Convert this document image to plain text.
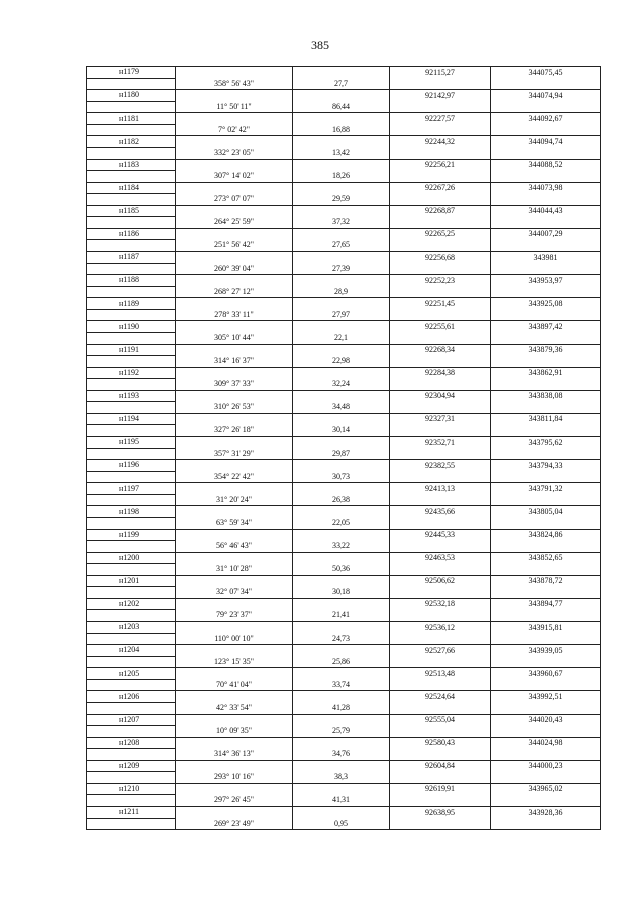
385
н1179			92115,27	344075,45
	358° 56' 43"	27,7		
н1180			92142,97	344074,94
	11° 50' 11"	86,44		
н1181			92227,57	344092,67
	7° 02' 42"	16,88		
н1182			92244,32	344094,74
	332° 23' 05"	13,42		
н1183			92256,21	344088,52
	307° 14' 02"	18,26		
н1184			92267,26	344073,98
	273° 07' 07"	29,59		
н1185			92268,87	344044,43
	264° 25' 59"	37,32		
н1186			92265,25	344007,29
	251° 56' 42"	27,65		
н1187			92256,68	343981
	260° 39' 04"	27,39		
н1188			92252,23	343953,97
	268° 27' 12"	28,9		
н1189			92251,45	343925,08
	278° 33' 11"	27,97		
н1190			92255,61	343897,42
	305° 10' 44"	22,1		
н1191			92268,34	343879,36
	314° 16' 37"	22,98		
н1192			92284,38	343862,91
	309° 37' 33"	32,24		
н1193			92304,94	343838,08
	310° 26' 53"	34,48		
н1194			92327,31	343811,84
	327° 26' 18"	30,14		
н1195			92352,71	343795,62
	357° 31' 29"	29,87		
н1196			92382,55	343794,33
	354° 22' 42"	30,73		
н1197			92413,13	343791,32
	31° 20' 24"	26,38		
н1198			92435,66	343805,04
	63° 59' 34"	22,05		
н1199			92445,33	343824,86
	56° 46' 43"	33,22		
н1200			92463,53	343852,65
	31° 10' 28"	50,36		
н1201			92506,62	343878,72
	32° 07' 34"	30,18		
н1202			92532,18	343894,77
	79° 23' 37"	21,41		
н1203			92536,12	343915,81
	110° 00' 10"	24,73		
н1204			92527,66	343939,05
	123° 15' 35"	25,86		
н1205			92513,48	343960,67
	70° 41' 04"	33,74		
н1206			92524,64	343992,51
	42° 33' 54"	41,28		
н1207			92555,04	344020,43
	10° 09' 35"	25,79		
н1208			92580,43	344024,98
	314° 36' 13"	34,76		
н1209			92604,84	344000,23
	293° 10' 16"	38,3		
н1210			92619,91	343965,02
	297° 26' 45"	41,31		
н1211			92638,95	343928,36
	269° 23' 49"	0,95		
